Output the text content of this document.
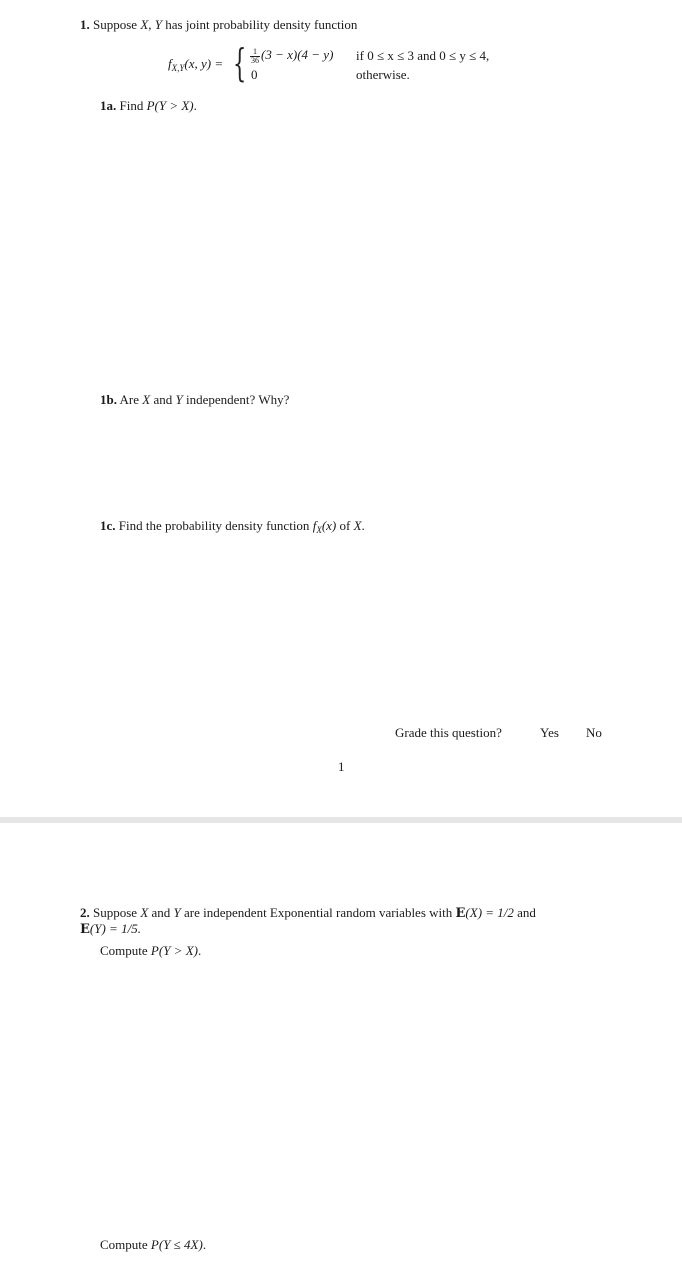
1. Suppose X, Y has joint probability density function
$f_{X,Y}(x$, y) = { $\frac{1}{36} (3 - x)(4 - y)$ if 0 ≤ x ≤ 3 and 0 ≤ y ≤ 4,
0	otherwise.
1a. Find P(Y > X).
1b. Are X and Y independent? Why?
1c. Find the probability density function $f_X(x)$ of X.
Grade this question?	Yes No
1
2. Suppose X and Y are independent Exponential random variables with E(X) = 1/2 and
E(Y) = 1/5.
Compute P(Y > X).
Compute P(Y ≤ 4X).
